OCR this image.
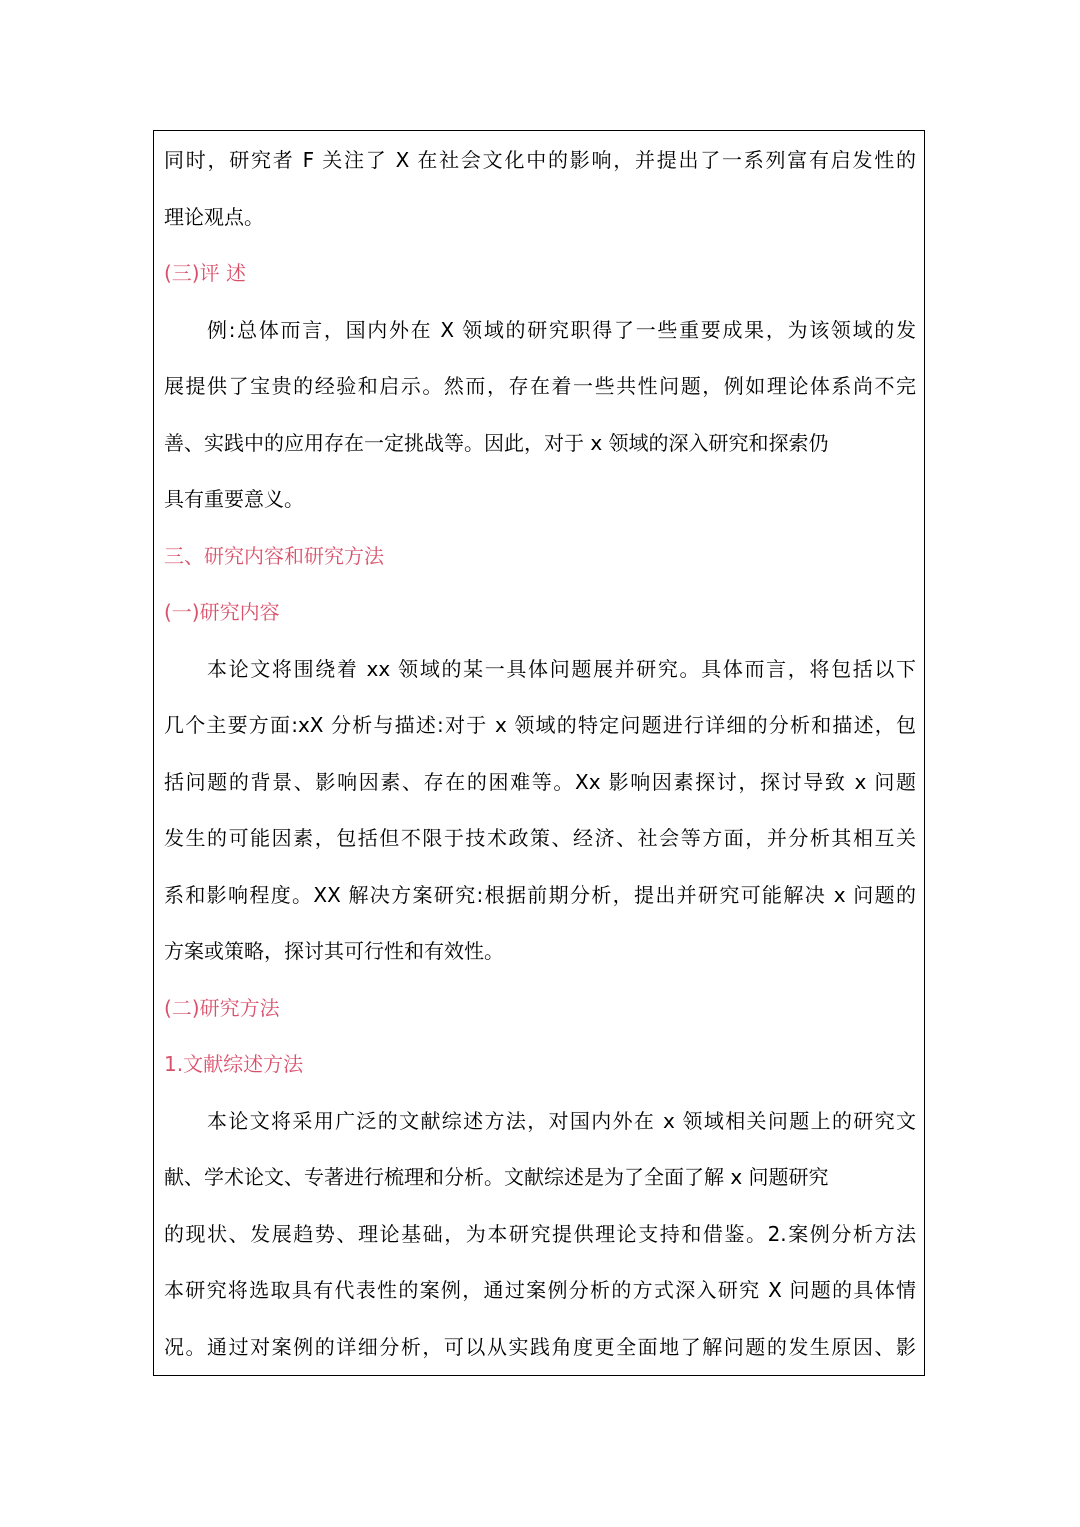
同时，研究者 F 关注了 X 在社会文化中的影响，并提出了一系列富有启发性的
理论观点。
(三)评 述
例:总体而言，国内外在 X 领域的研究职得了一些重要成果，为该领域的发
展提供了宝贵的经验和启示。然而，存在着一些共性问题，例如理论体系尚不完
善、实践中的应用存在一定挑战等。因此，对于 x 领域的深入研究和探索仍
具有重要意义。
三、研究内容和研究方法
(一)研究内容
本论文将围绕着 xx 领域的某一具体问题展并研究。具体而言，将包括以下
几个主要方面:xX 分析与描述:对于 x 领域的特定问题进行详细的分析和描述，包
括问题的背景、影响因素、存在的困难等。Xx 影响因素探讨，探讨导致 x 问题
发生的可能因素，包括但不限于技术政策、经济、社会等方面，并分析其相互关
系和影响程度。XX 解决方案研究:根据前期分析，提出并研究可能解决 x 问题的
方案或策略，探讨其可行性和有效性。
(二)研究方法
1.文献综述方法
本论文将采用广泛的文献综述方法，对国内外在 x 领域相关问题上的研究文
献、学术论文、专著进行梳理和分析。文献综述是为了全面了解 x 问题研究
的现状、发展趋势、理论基础，为本研究提供理论支持和借鉴。2.案例分析方法
本研究将选取具有代表性的案例，通过案例分析的方式深入研究 X 问题的具体情
况。通过对案例的详细分析，可以从实践角度更全面地了解问题的发生原因、影
